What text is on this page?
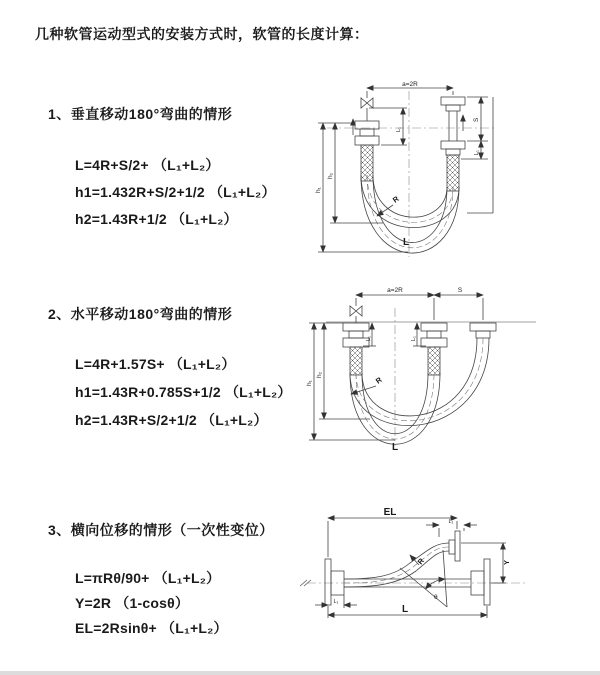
几种软管运动型式的安装方式时，软管的长度计算：
1、垂直移动180°弯曲的情形
L=4R+S/2+ （L₁+L₂）
h1=1.432R+S/2+1/2 （L₁+L₂）
h2=1.43R+1/2 （L₁+L₂）
2、水平移动180°弯曲的情形
L=4R+1.57S+ （L₁+L₂）
h1=1.43R+0.785S+1/2 （L₁+L₂）
h2=1.43R+S/2+1/2 （L₁+L₂）
3、横向位移的情形（一次性变位）
L=πRθ/90+ （L₁+L₂）
Y=2R （1-cosθ）
EL=2Rsinθ+ （L₁+L₂）
a=2R
h₁
h₂
S
L₁
L₁
R
L
a=2R	S
h₁
h₂
L₁	L₁
R
L
EL
L₁
Y
L
L₁
R
θ
